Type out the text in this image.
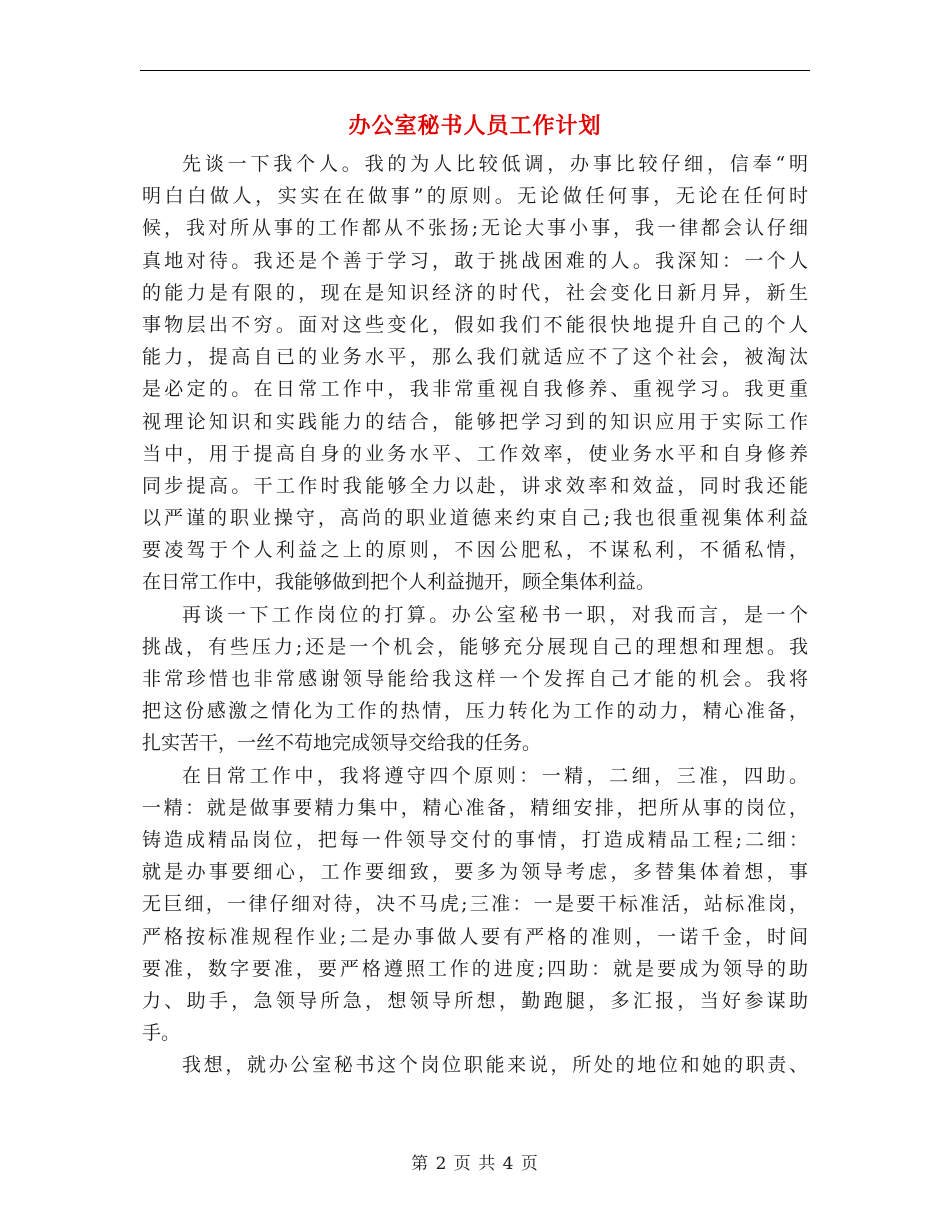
办公室秘书人员工作计划
先谈一下我个人。我的为人比较低调，办事比较仔细，信奉“明
明白白做人，实实在在做事”的原则。无论做任何事，无论在任何时
候，我对所从事的工作都从不张扬;无论大事小事，我一律都会认仔细
真地对待。我还是个善于学习，敢于挑战困难的人。我深知：一个人
的能力是有限的，现在是知识经济的时代，社会变化日新月异，新生
事物层出不穷。面对这些变化，假如我们不能很快地提升自己的个人
能力，提高自已的业务水平，那么我们就适应不了这个社会，被淘汰
是必定的。在日常工作中，我非常重视自我修养、重视学习。我更重
视理论知识和实践能力的结合，能够把学习到的知识应用于实际工作
当中，用于提高自身的业务水平、工作效率，使业务水平和自身修养
同步提高。干工作时我能够全力以赴，讲求效率和效益，同时我还能
以严谨的职业操守，高尚的职业道德来约束自己;我也很重视集体利益
要凌驾于个人利益之上的原则，不因公肥私，不谋私利，不循私情，
在日常工作中，我能够做到把个人利益抛开，顾全集体利益。
再谈一下工作岗位的打算。办公室秘书一职，对我而言，是一个
挑战，有些压力;还是一个机会，能够充分展现自己的理想和理想。我
非常珍惜也非常感谢领导能给我这样一个发挥自己才能的机会。我将
把这份感激之情化为工作的热情，压力转化为工作的动力，精心准备，
扎实苦干，一丝不苟地完成领导交给我的任务。
在日常工作中，我将遵守四个原则：一精，二细，三准，四助。
一精：就是做事要精力集中，精心准备，精细安排，把所从事的岗位，
铸造成精品岗位，把每一件领导交付的事情，打造成精品工程;二细：
就是办事要细心，工作要细致，要多为领导考虑，多替集体着想，事
无巨细，一律仔细对待，决不马虎;三准：一是要干标准活，站标准岗，
严格按标准规程作业;二是办事做人要有严格的准则，一诺千金，时间
要准，数字要准，要严格遵照工作的进度;四助：就是要成为领导的助
力、助手，急领导所急，想领导所想，勤跑腿，多汇报，当好参谋助
手。
我想，就办公室秘书这个岗位职能来说，所处的地位和她的职责、
第 2 页 共 4 页
